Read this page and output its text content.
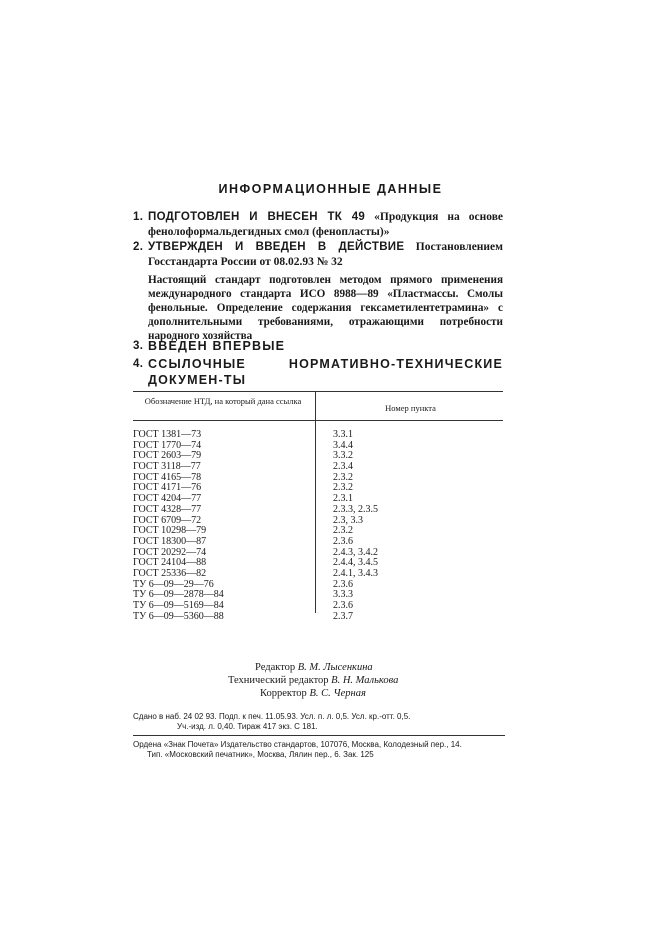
ИНФОРМАЦИОННЫЕ ДАННЫЕ
1. ПОДГОТОВЛЕН И ВНЕСЕН ТК 49 «Продукция на основе фенолоформальдегидных смол (фенопласты)»
2. УТВЕРЖДЕН И ВВЕДЕН В ДЕЙСТВИЕ Постановлением Госстандарта России от 08.02.93 № 32
Настоящий стандарт подготовлен методом прямого применения международного стандарта ИСО 8988—89 «Пластмассы. Смолы фенольные. Определение содержания гексаметилентетрамина» с дополнительными требованиями, отражающими потребности народного хозяйства
3. ВВЕДЕН ВПЕРВЫЕ
4. ССЫЛОЧНЫЕ НОРМАТИВНО-ТЕХНИЧЕСКИЕ ДОКУМЕН-ТЫ
Обозначение НТД, на который дана ссылка
Номер пункта
ГОСТ 1381—73	3.3.1
ГОСТ 1770—74	3.4.4
ГОСТ 2603—79	3.3.2
ГОСТ 3118—77	2.3.4
ГОСТ 4165—78	2.3.2
ГОСТ 4171—76	2.3.2
ГОСТ 4204—77	2.3.1
ГОСТ 4328—77	2.3.3, 2.3.5
ГОСТ 6709—72	2.3, 3.3
ГОСТ 10298—79	2.3.2
ГОСТ 18300—87	2.3.6
ГОСТ 20292—74	2.4.3, 3.4.2
ГОСТ 24104—88	2.4.4, 3.4.5
ГОСТ 25336—82	2.4.1, 3.4.3
ТУ 6—09—29—76	2.3.6
ТУ 6—09—2878—84	3.3.3
ТУ 6—09—5169—84	2.3.6
ТУ 6—09—5360—88	2.3.7
Редактор В. М. Лысенкина
Технический редактор В. Н. Малькова
Корректор В. С. Черная
Сдано в наб. 24 02 93. Подп. к печ. 11.05.93. Усл. п. л. 0,5. Усл. кр.-отт. 0,5.
Уч.-изд. л. 0,40. Тираж 417 экз. С 181.
Ордена «Знак Почета» Издательство стандартов, 107076, Москва, Колодезный пер., 14.
Тип. «Московский печатник», Москва, Лялин пер., 6. Зак. 125
